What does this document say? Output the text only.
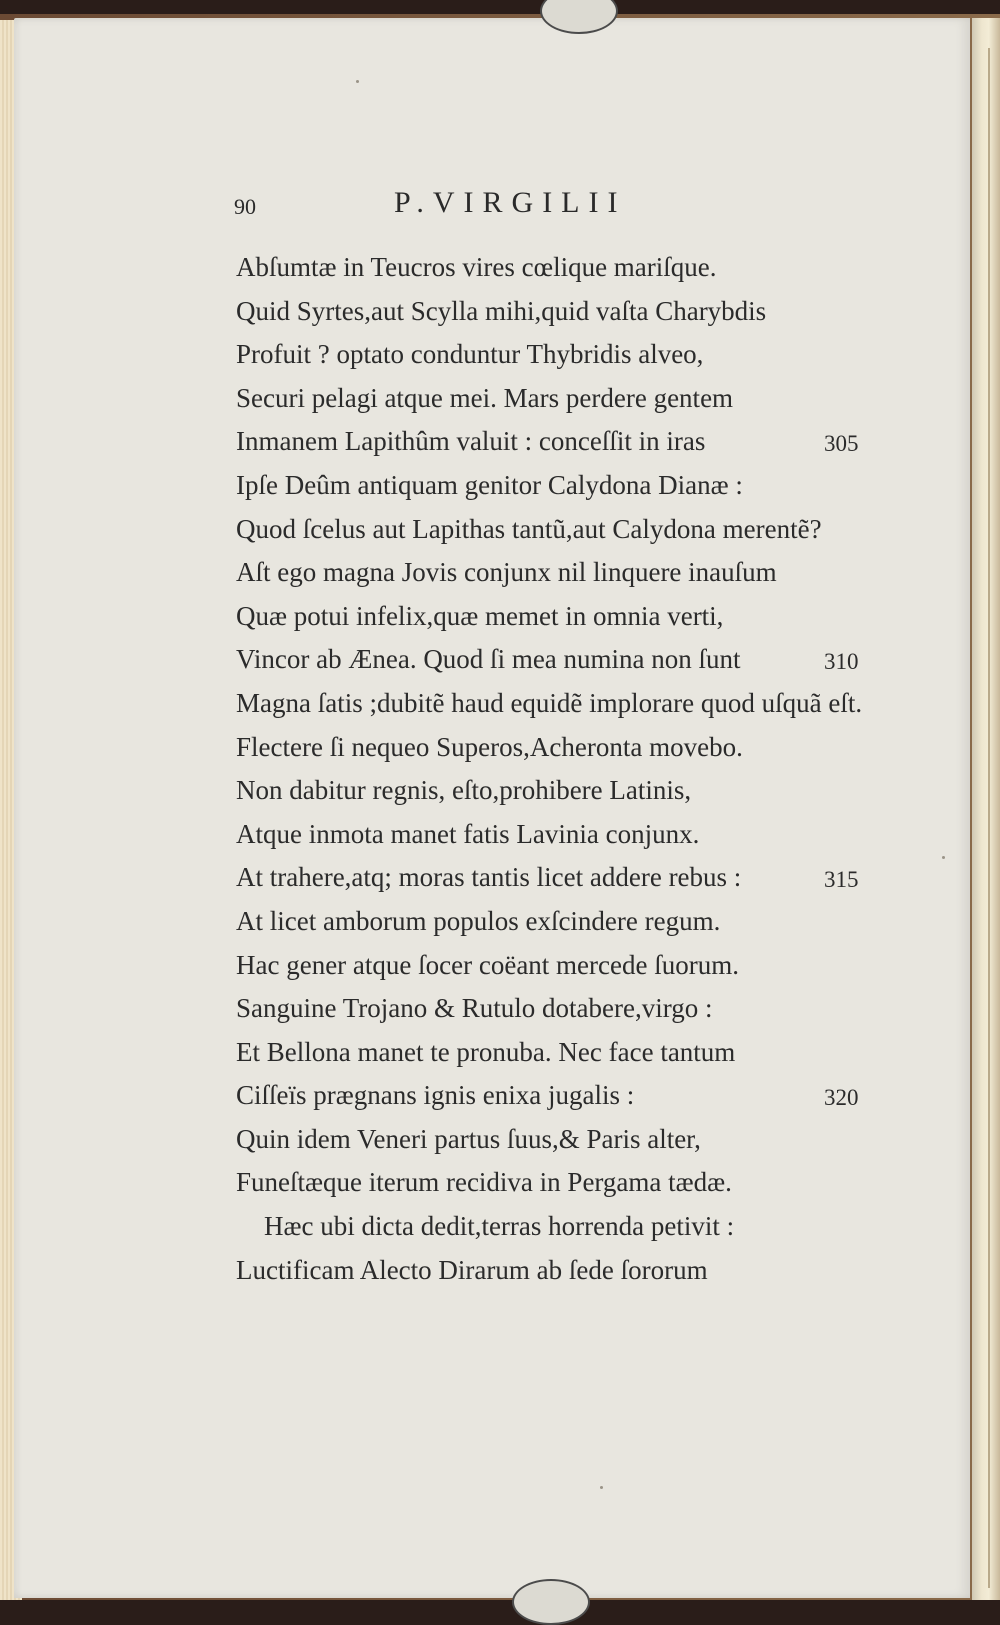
90	P.VIRGILII
Abſumtæ in Teucros vires cœlique mariſque.
Quid Syrtes,aut Scylla mihi,quid vaſta Charybdis
Profuit ? optato conduntur Thybridis alveo,
Securi pelagi atque mei. Mars perdere gentem
Inmanem Lapithûm valuit : conceſſit in iras	305
Ipſe Deûm antiquam genitor Calydona Dianæ :
Quod ſcelus aut Lapithas tantũ,aut Calydona merentẽ?
Aſt ego magna Jovis conjunx nil linquere inauſum
Quæ potui infelix,quæ memet in omnia verti,
Vincor ab Ænea. Quod ſi mea numina non ſunt	310
Magna ſatis ;dubitẽ haud equidẽ implorare quod uſquã eſt.
Flectere ſi nequeo Superos,Acheronta movebo.
Non dabitur regnis, eſto,prohibere Latinis,
Atque inmota manet fatis Lavinia conjunx.
At trahere,atq; moras tantis licet addere rebus :	315
At licet amborum populos exſcindere regum.
Hac gener atque ſocer coëant mercede ſuorum.
Sanguine Trojano & Rutulo dotabere,virgo :
Et Bellona manet te pronuba. Nec face tantum
Ciſſeïs prægnans ignis enixa jugalis :	320
Quin idem Veneri partus ſuus,& Paris alter,
Funeſtæque iterum recidiva in Pergama tædæ.
Hæc ubi dicta dedit,terras horrenda petivit :
Luctificam Alecto Dirarum ab ſede ſororum
